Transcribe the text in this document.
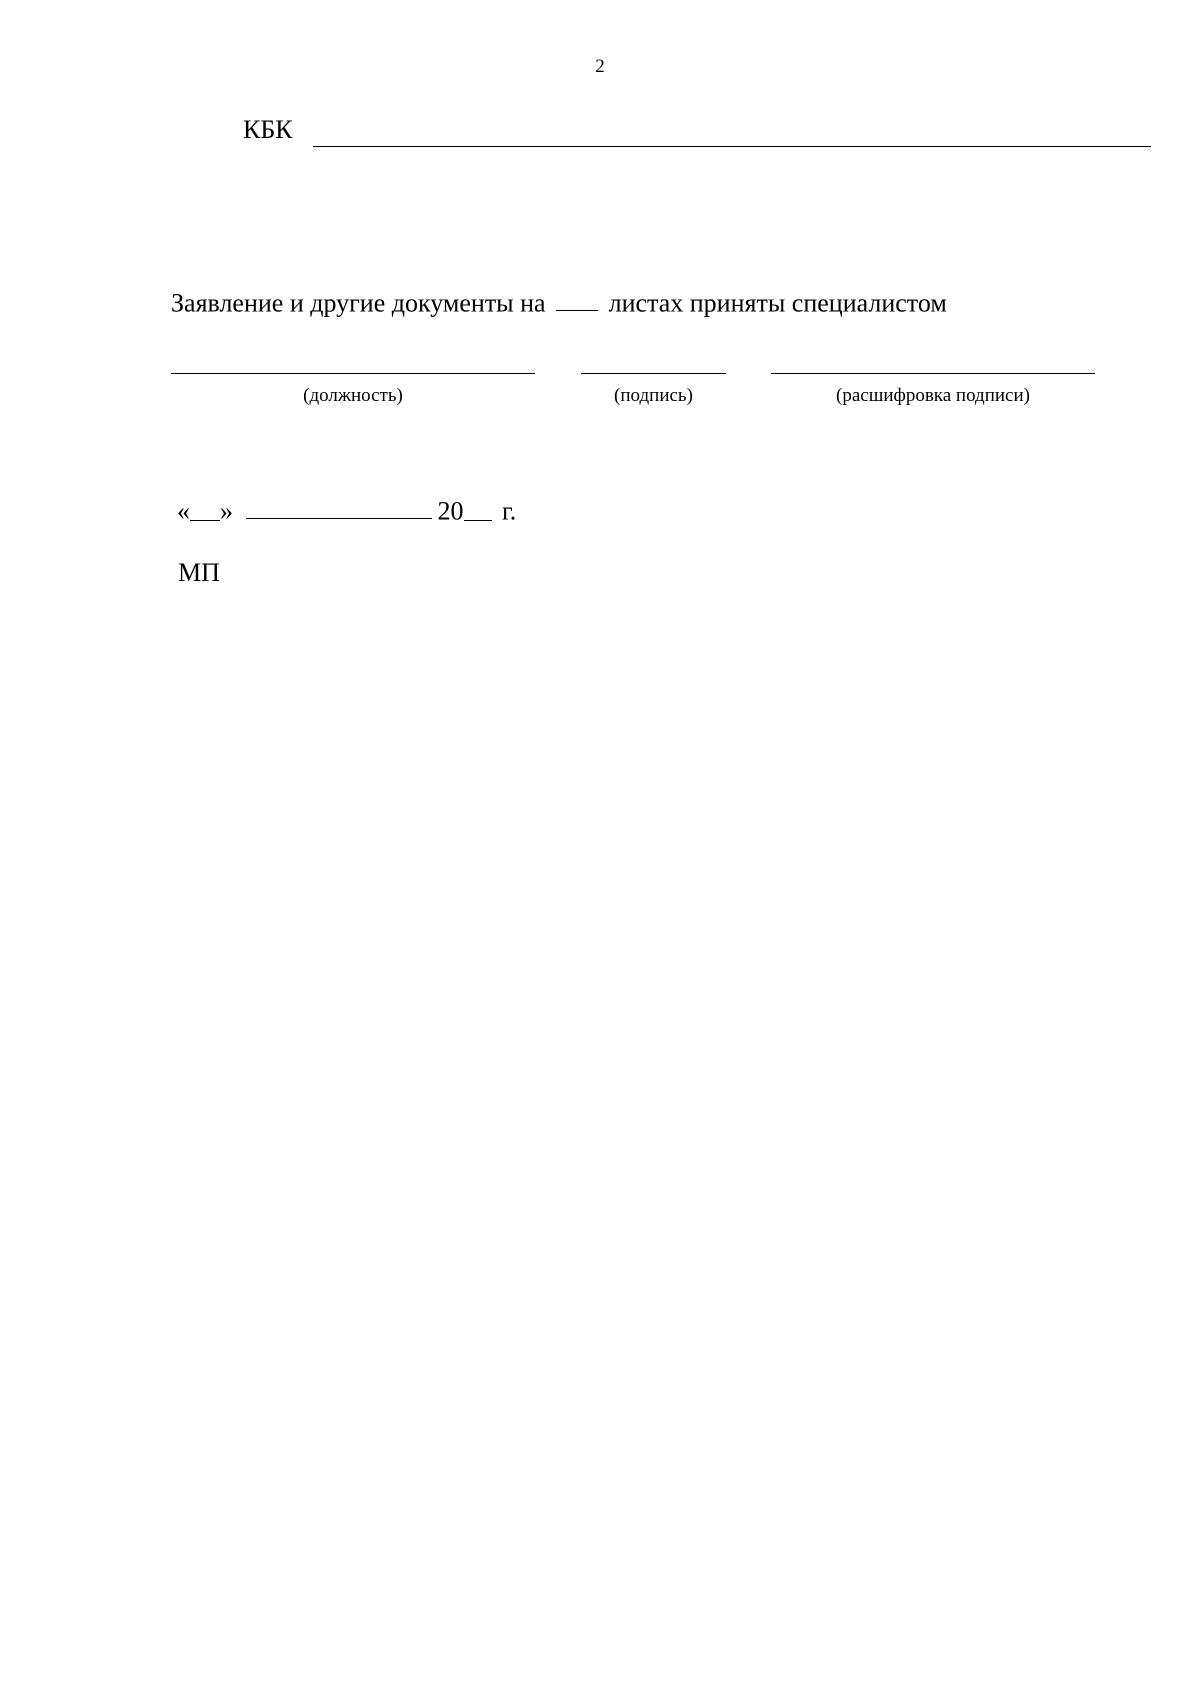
2
КБК
Заявление и другие документы на листах приняты специалистом
(должность)	(подпись)	(расшифровка подписи)
« »	20 г.
МП
